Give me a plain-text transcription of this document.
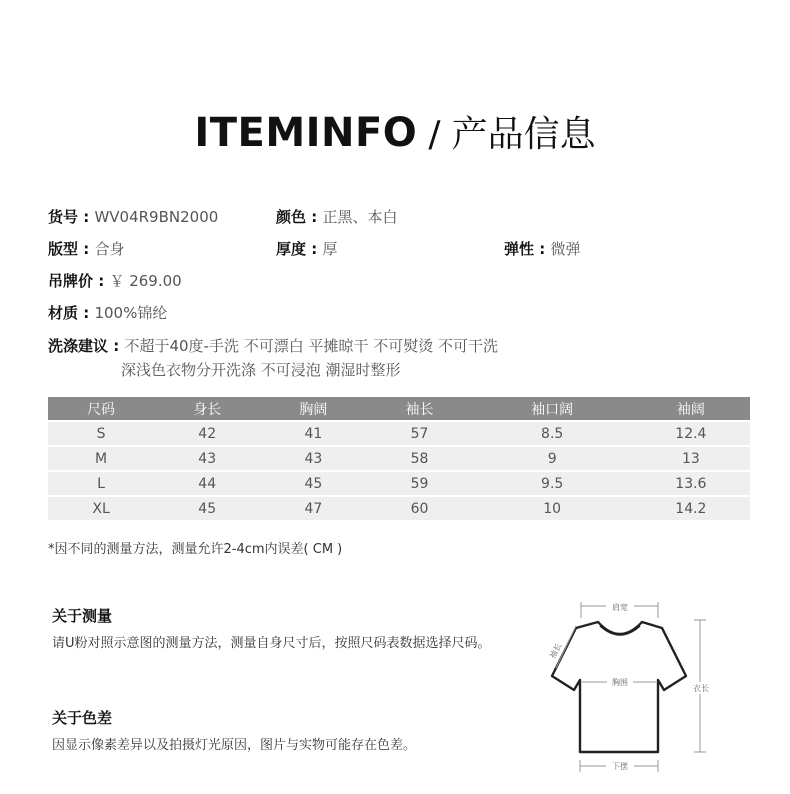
ITEMINFO / 产品信息
货号 : WV04R9BN2000	颜色 : 正黑、本白
版型 : 合身	厚度 : 厚	弹性 : 微弹
吊牌价 : ￥ 269.00
材质 : 100%锦纶
洗涤建议 : 不超于40度-手洗 不可漂白 平摊晾干 不可熨烫 不可干洗
深浅色衣物分开洗涤 不可浸泡 潮湿时整形
尺码	身长	胸阔	袖长	袖口阔	袖阔
S	42	41	57	8.5	12.4
M	43	43	58	9	13
L	44	45	59	9.5	13.6
XL	45	47	60	10	14.2
*因不同的测量方法，测量允许2-4cm内误差( CM )
关于测量
请U粉对照示意图的测量方法，测量自身尺寸后，按照尺码表数据选择尺码。
关于色差
因显示像素差异以及拍摄灯光原因，图片与实物可能存在色差。
肩宽
袖长
胸围
衣长
下摆
